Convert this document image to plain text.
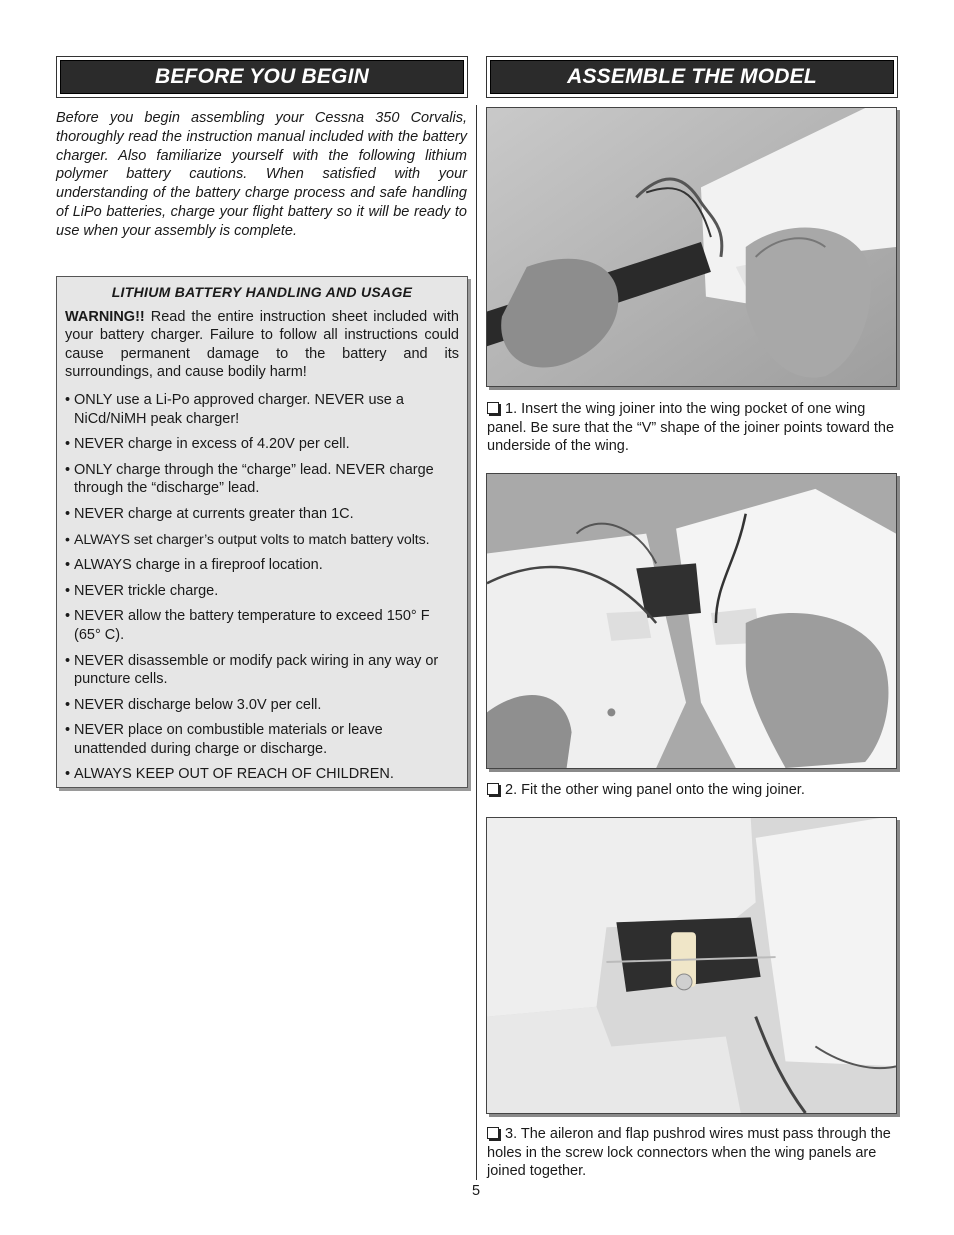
BEFORE YOU BEGIN	ASSEMBLE THE MODEL

Before you begin assembling your Cessna 350 Corvalis, thoroughly read the instruction manual included with the battery charger. Also familiarize yourself with the following lithium polymer battery cautions. When satisfied with your understanding of the battery charge process and safe handling of LiPo batteries, charge your flight battery so it will be ready to use when your assembly is complete.

LITHIUM BATTERY HANDLING AND USAGE
WARNING!! Read the entire instruction sheet included with your battery charger. Failure to follow all instructions could cause permanent damage to the battery and its surroundings, and cause bodily harm!
• ONLY use a Li-Po approved charger. NEVER use a NiCd/NiMH peak charger!
• NEVER charge in excess of 4.20V per cell.
• ONLY charge through the “charge” lead. NEVER charge through the “discharge” lead.
• NEVER charge at currents greater than 1C.
• ALWAYS set charger’s output volts to match battery volts.
• ALWAYS charge in a fireproof location.
• NEVER trickle charge.
• NEVER allow the battery temperature to exceed 150° F (65° C).
• NEVER disassemble or modify pack wiring in any way or puncture cells.
• NEVER discharge below 3.0V per cell.
• NEVER place on combustible materials or leave unattended during charge or discharge.
• ALWAYS KEEP OUT OF REACH OF CHILDREN.
1. Insert the wing joiner into the wing pocket of one wing panel. Be sure that the “V” shape of the joiner points toward the underside of the wing.
2. Fit the other wing panel onto the wing joiner.
3. The aileron and flap pushrod wires must pass through the holes in the screw lock connectors when the wing panels are joined together.
5
